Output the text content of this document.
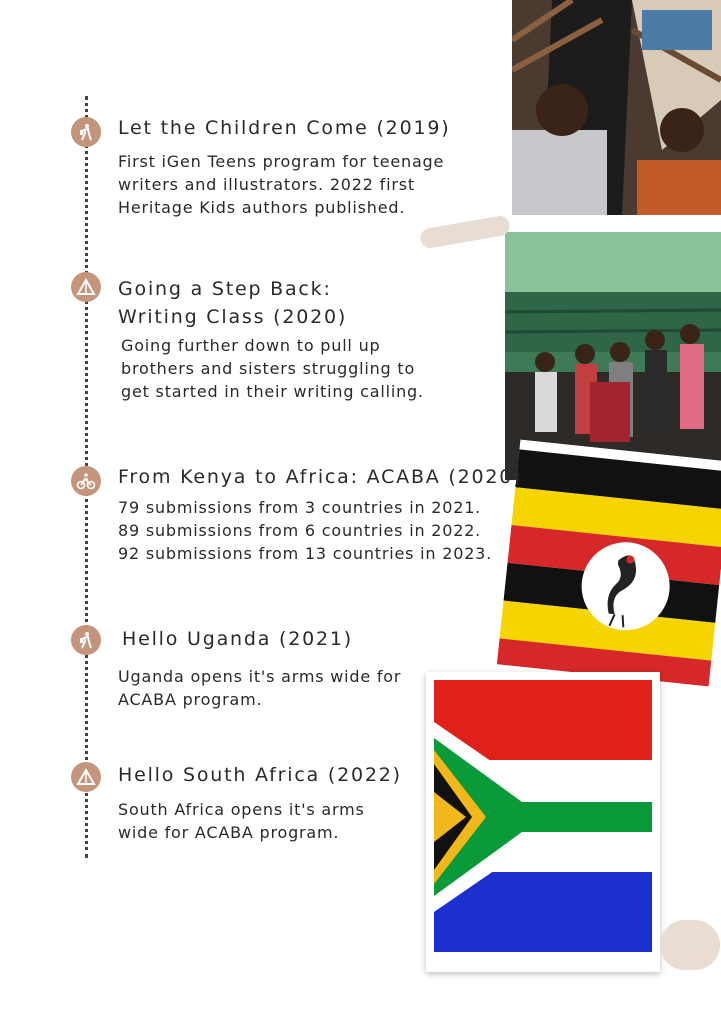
Let the Children Come (2019)
First iGen Teens program for teenage
writers and illustrators. 2022 first
Heritage Kids authors published.
Going a Step Back:
Writing Class (2020)
Going further down to pull up
brothers and sisters struggling to
get started in their writing calling.
From Kenya to Africa: ACABA (2020)
79 submissions from 3 countries in 2021.
89 submissions from 6 countries in 2022.
92 submissions from 13 countries in 2023.
Hello Uganda (2021)
Uganda opens it's arms wide for
ACABA program.
Hello South Africa (2022)
South Africa opens it's arms
wide for ACABA program.
